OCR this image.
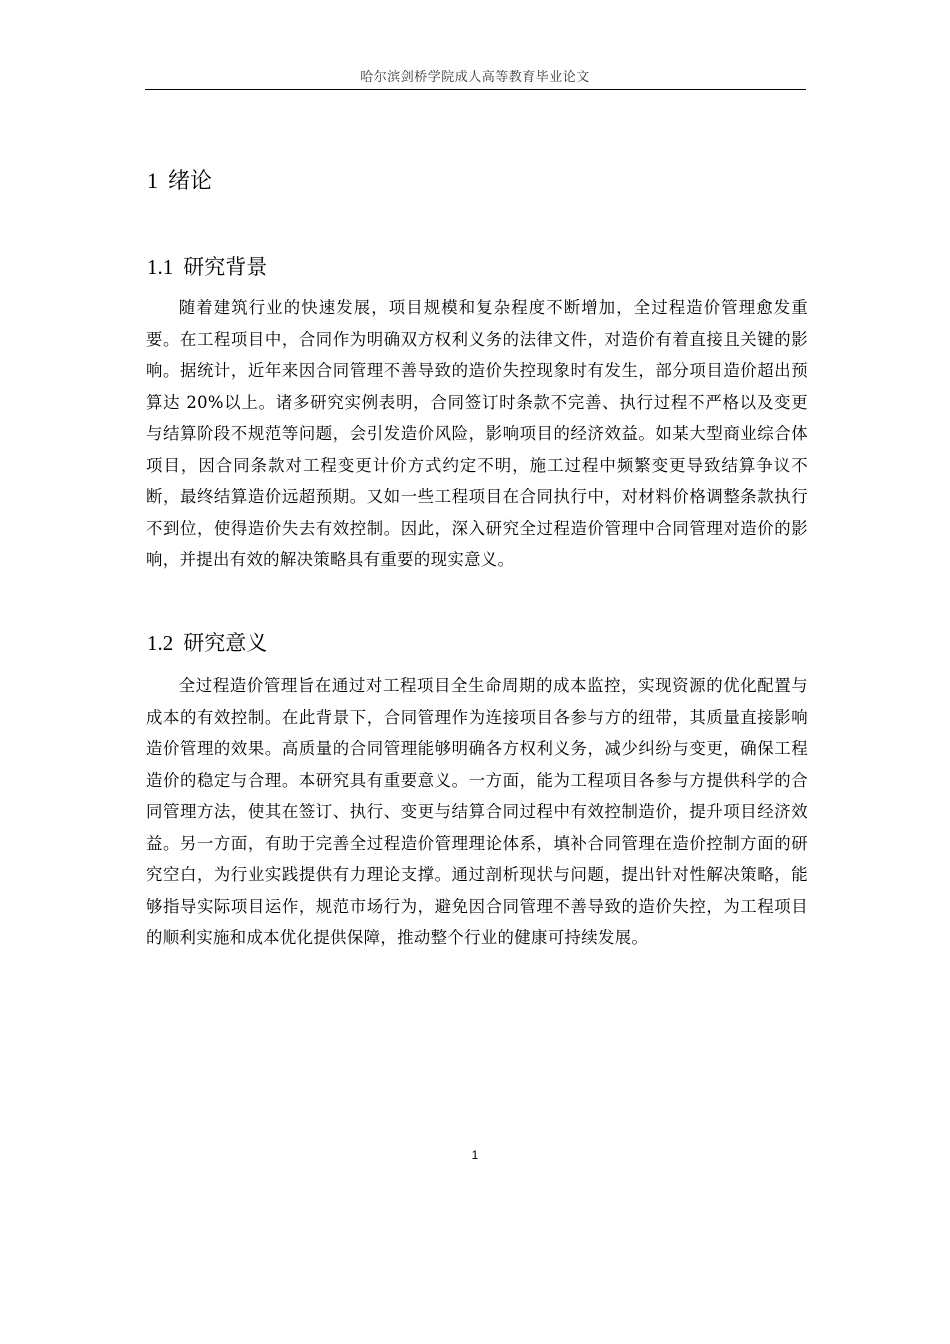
哈尔滨剑桥学院成人高等教育毕业论文
1 绪论
1.1 研究背景

随着建筑行业的快速发展，项目规模和复杂程度不断增加，全过程造价管理愈发重要。在工程项目中，合同作为明确双方权利义务的法律文件，对造价有着直接且关键的影响。据统计，近年来因合同管理不善导致的造价失控现象时有发生，部分项目造价超出预算达 20%以上。诸多研究实例表明，合同签订时条款不完善、执行过程不严格以及变更与结算阶段不规范等问题，会引发造价风险，影响项目的经济效益。如某大型商业综合体项目，因合同条款对工程变更计价方式约定不明，施工过程中频繁变更导致结算争议不断，最终结算造价远超预期。又如一些工程项目在合同执行中，对材料价格调整条款执行不到位，使得造价失去有效控制。因此，深入研究全过程造价管理中合同管理对造价的影响，并提出有效的解决策略具有重要的现实意义。

1.2 研究意义

全过程造价管理旨在通过对工程项目全生命周期的成本监控，实现资源的优化配置与成本的有效控制。在此背景下，合同管理作为连接项目各参与方的纽带，其质量直接影响造价管理的效果。高质量的合同管理能够明确各方权利义务，减少纠纷与变更，确保工程造价的稳定与合理。本研究具有重要意义。一方面，能为工程项目各参与方提供科学的合同管理方法，使其在签订、执行、变更与结算合同过程中有效控制造价，提升项目经济效益。另一方面，有助于完善全过程造价管理理论体系，填补合同管理在造价控制方面的研究空白，为行业实践提供有力理论支撑。通过剖析现状与问题，提出针对性解决策略，能够指导实际项目运作，规范市场行为，避免因合同管理不善导致的造价失控，为工程项目的顺利实施和成本优化提供保障，推动整个行业的健康可持续发展。

1
